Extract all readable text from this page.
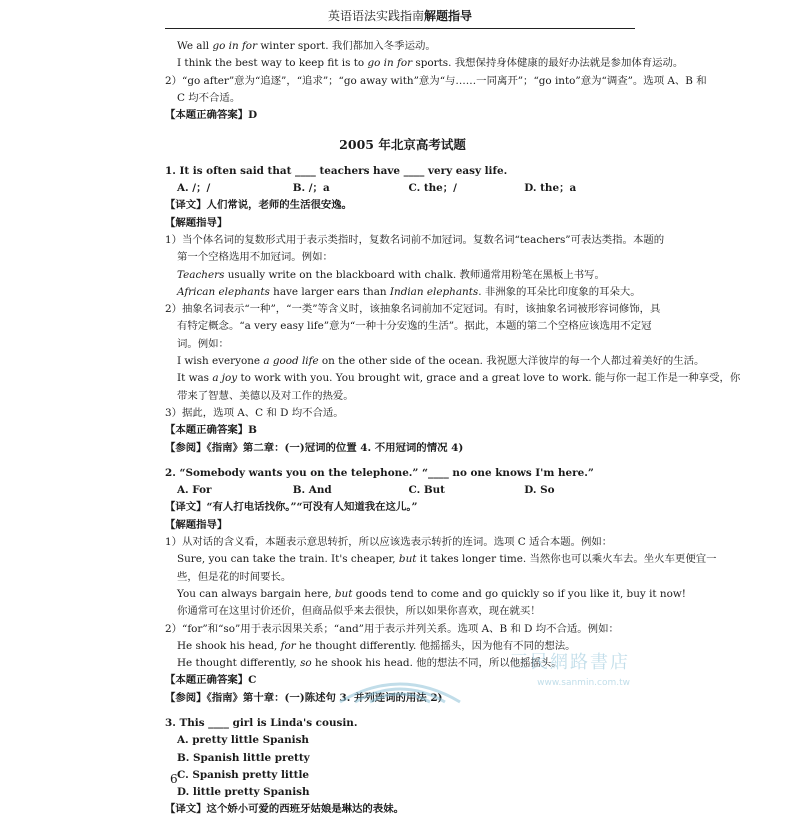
英语语法实践指南解题指导

We all go in for winter sport. 我们都加入冬季运动。

I think the best way to keep fit is to go in for sports. 我想保持身体健康的最好办法就是参加体育运动。

2）“go after”意为“追逐”，“追求”；“go away with”意为“与……一同离开”；“go into”意为“调查”。选项 A、B 和

C 均不合适。

【本题正确答案】D

2005 年北京高考试题

1. It is often said that ____ teachers have ____ very easy life.

A. /；/	B. /；a	C. the；/	D. the；a

【译文】人们常说，老师的生活很安逸。

【解题指导】

1）当个体名词的复数形式用于表示类指时，复数名词前不加冠词。复数名词“teachers”可表达类指。本题的

第一个空格选用不加冠词。例如：

Teachers usually write on the blackboard with chalk. 教师通常用粉笔在黑板上书写。

African elephants have larger ears than Indian elephants. 非洲象的耳朵比印度象的耳朵大。

2）抽象名词表示“一种”，“一类”等含义时，该抽象名词前加不定冠词。有时，该抽象名词被形容词修饰，具

有特定概念。“a very easy life”意为“一种十分安逸的生活”。据此，本题的第二个空格应该选用不定冠

词。例如：

I wish everyone a good life on the other side of the ocean. 我祝愿大洋彼岸的每一个人都过着美好的生活。

It was a joy to work with you. You brought wit, grace and a great love to work. 能与你一起工作是一种享受，你

带来了智慧、美德以及对工作的热爱。

3）据此，选项 A、C 和 D 均不合适。

【本题正确答案】B

【参阅】《指南》第二章：(一)冠词的位置 4. 不用冠词的情况 4)

2. “Somebody wants you on the telephone.” “____ no one knows I'm here.”

A. For	B. And	C. But	D. So

【译文】“有人打电话找你。”“可没有人知道我在这儿。”

【解题指导】

1）从对话的含义看，本题表示意思转折，所以应该选表示转折的连词。选项 C 适合本题。例如：

Sure, you can take the train. It's cheaper, but it takes longer time. 当然你也可以乘火车去。坐火车更便宜一

些，但是花的时间要长。

You can always bargain here, but goods tend to come and go quickly so if you like it, buy it now!

你通常可在这里讨价还价，但商品似乎来去很快，所以如果你喜欢，现在就买！

2）“for”和“so”用于表示因果关系；“and”用于表示并列关系。选项 A、B 和 D 均不合适。例如：

He shook his head, for he thought differently. 他摇摇头，因为他有不同的想法。

He thought differently, so he shook his head. 他的想法不同，所以他摇摇头。

【本题正确答案】C

【参阅】《指南》第十章：(一)陈述句 3. 并列连词的用法 2)

3. This ____ girl is Linda's cousin.

A. pretty little Spanish
B. Spanish little pretty
C. Spanish pretty little
D. little pretty Spanish

【译文】这个娇小可爱的西班牙姑娘是琳达的表妹。

三民網路書店
www.sanmin.com.tw
6
